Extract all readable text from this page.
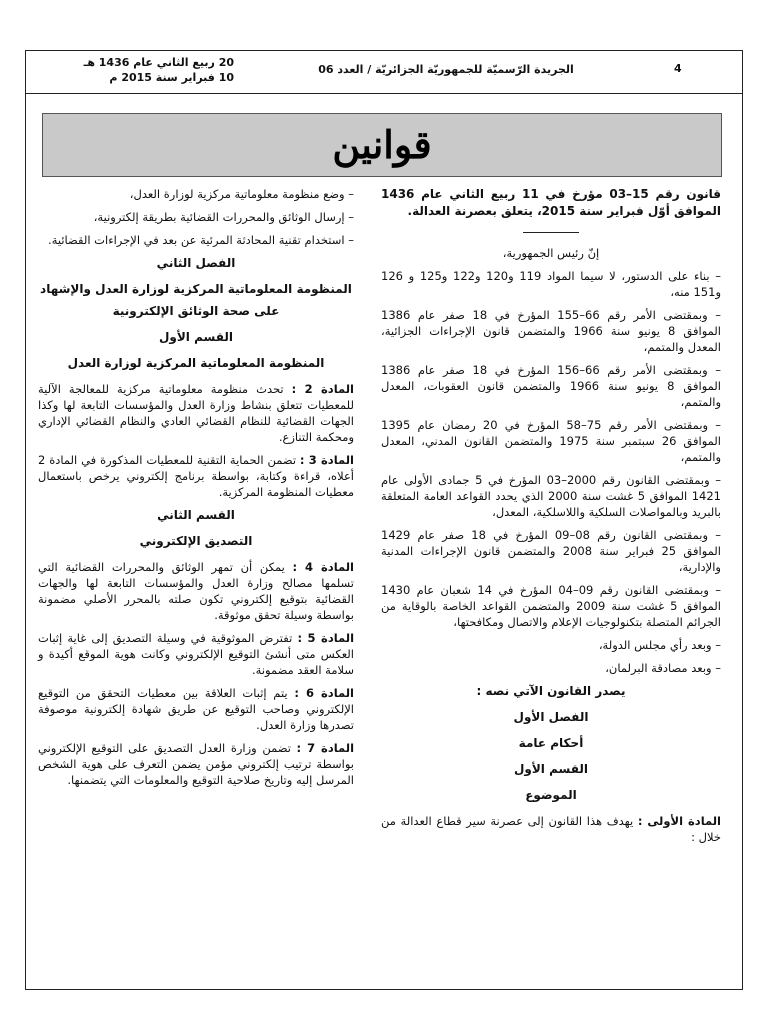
4
الجريدة الرّسميّة للجمهوريّة الجزائريّة / العدد 06
20 ربيع الثاني عام 1436 هـ
10 فبراير سنة 2015 م
قوانين

قانون رقم 15–03 مؤرخ في 11 ربيع الثاني عام 1436 الموافق أوّل فبراير سنة 2015، يتعلق بعصرنة العدالة.

إنّ رئيس الجمهورية،

– بناء على الدستور، لا سيما المواد 119 و120 و122 و125 و 126 و151 منه،

– وبمقتضى الأمر رقم 66–155 المؤرخ في 18 صفر عام 1386 الموافق 8 يونيو سنة 1966 والمتضمن قانون الإجراءات الجزائية، المعدل والمتمم،

– وبمقتضى الأمر رقم 66–156 المؤرخ في 18 صفر عام 1386 الموافق 8 يونيو سنة 1966 والمتضمن قانون العقوبات، المعدل والمتمم،

– وبمقتضى الأمر رقم 75–58 المؤرخ في 20 رمضان عام 1395 الموافق 26 سبتمبر سنة 1975 والمتضمن القانون المدني، المعدل والمتمم،

– وبمقتضى القانون رقم 2000–03 المؤرخ في 5 جمادى الأولى عام 1421 الموافق 5 غشت سنة 2000 الذي يحدد القواعد العامة المتعلقة بالبريد وبالمواصلات السلكية واللاسلكية، المعدل،

– وبمقتضى القانون رقم 08–09 المؤرخ في 18 صفر عام 1429 الموافق 25 فبراير سنة 2008 والمتضمن قانون الإجراءات المدنية والإدارية،

– وبمقتضى القانون رقم 09–04 المؤرخ في 14 شعبان عام 1430 الموافق 5 غشت سنة 2009 والمتضمن القواعد الخاصة بالوقاية من الجرائم المتصلة بتكنولوجيات الإعلام والاتصال ومكافحتها،

– وبعد رأي مجلس الدولة،

– وبعد مصادقة البرلمان،

يصدر القانون الآتي نصه :
الفصل الأول
أحكام عامة
القسم الأول
الموضوع

المادة الأولى : يهدف هذا القانون إلى عصرنة سير قطاع العدالة من خلال :

– وضع منظومة معلوماتية مركزية لوزارة العدل،

– إرسال الوثائق والمحررات القضائية بطريقة إلكترونية،

– استخدام تقنية المحادثة المرئية عن بعد في الإجراءات القضائية.

الفصل الثاني
المنظومة المعلوماتية المركزية لوزارة العدل والإشهاد
على صحة الوثائق الإلكترونية
القسم الأول
المنظومة المعلوماتية المركزية لوزارة العدل

المادة 2 : تحدث منظومة معلوماتية مركزية للمعالجة الآلية للمعطيات تتعلق بنشاط وزارة العدل والمؤسسات التابعة لها وكذا الجهات القضائية للنظام القضائي العادي والنظام القضائي الإداري ومحكمة التنازع.

المادة 3 : تضمن الحماية التقنية للمعطيات المذكورة في المادة 2 أعلاه، قراءة وكتابة، بواسطة برنامج إلكتروني يرخص باستعمال معطيات المنظومة المركزية.

القسم الثاني
التصديق الإلكتروني

المادة 4 : يمكن أن تمهر الوثائق والمحررات القضائية التي تسلمها مصالح وزارة العدل والمؤسسات التابعة لها والجهات القضائية بتوقيع إلكتروني تكون صلته بالمحرر الأصلي مضمونة بواسطة وسيلة تحقق موثوقة.

المادة 5 : تفترض الموثوقية في وسيلة التصديق إلى غاية إثبات العكس متى أنشئ التوقيع الإلكتروني وكانت هوية الموقع أكيدة و سلامة العقد مضمونة.

المادة 6 : يتم إثبات العلاقة بين معطيات التحقق من التوقيع الإلكتروني وصاحب التوقيع عن طريق شهادة إلكترونية موصوفة تصدرها وزارة العدل.

المادة 7 : تضمن وزارة العدل التصديق على التوقيع الإلكتروني بواسطة ترتيب إلكتروني مؤمن يضمن التعرف على هوية الشخص المرسل إليه وتاريخ صلاحية التوقيع والمعلومات التي يتضمنها.
